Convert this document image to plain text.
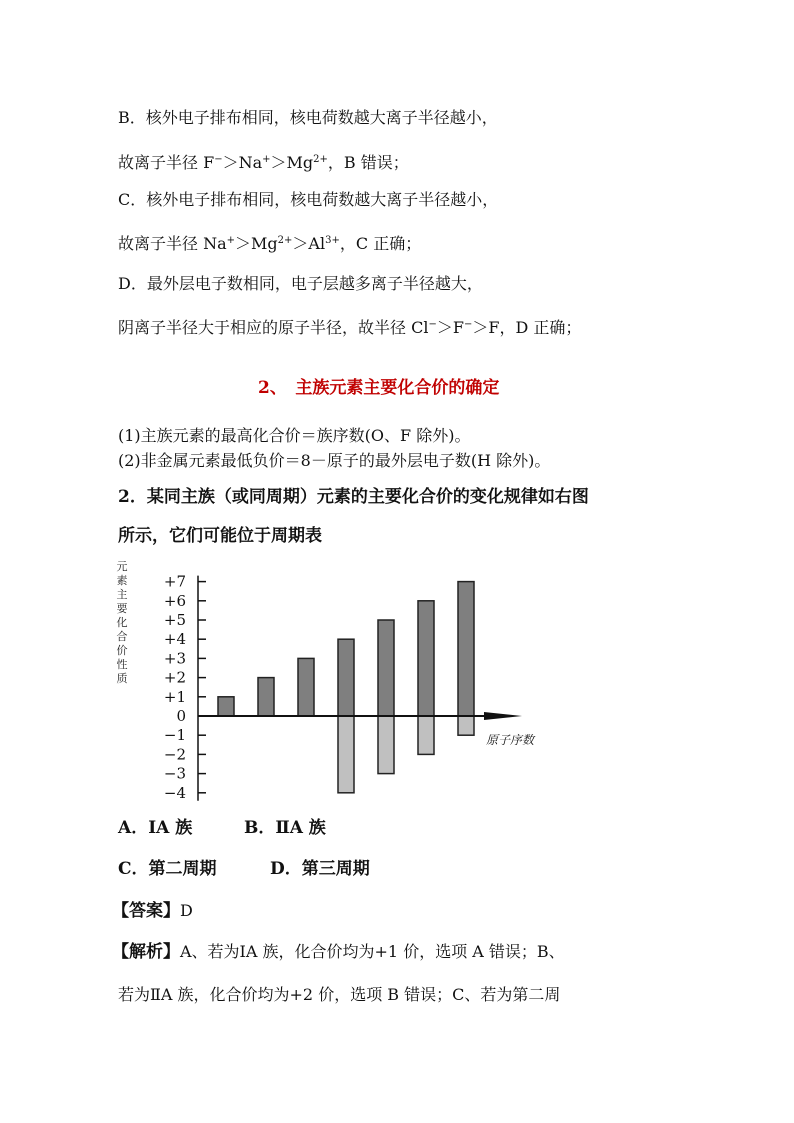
B．核外电子排布相同，核电荷数越大离子半径越小，
故离子半径 $F^->Na^+>Mg^{2+}$，B 错误；
C．核外电子排布相同，核电荷数越大离子半径越小，
故离子半径 $Na^+>Mg^{2+}>Al^{3+}$，C 正确；
D．最外层电子数相同，电子层越多离子半径越大，
阴离子半径大于相应的原子半径，故半径 Cl−＞F−＞F，D 正确；
2、　主族元素主要化合价的确定
(1)主族元素的最高化合价＝族序数(O、F 除外)。
(2)非金属元素最低负价＝8－原子的最外层电子数(H 除外)。
2．某同主族（或同周期）元素的主要化合价的变化规律如右图
所示，它们可能位于周期表
元
素
主
要
化
合
价
性
质
+7
+6
+5
+4
+3
+2
+1
0
−1
−2
−3
−4
原子序数
A．ⅠA 族	B．ⅡA 族
C．第二周期	D．第三周期
【答案】D
【解析】A、若为ⅠA 族，化合价均为+1 价，选项 A 错误；B、
若为ⅡA 族，化合价均为+2 价，选项 B 错误；C、若为第二周
